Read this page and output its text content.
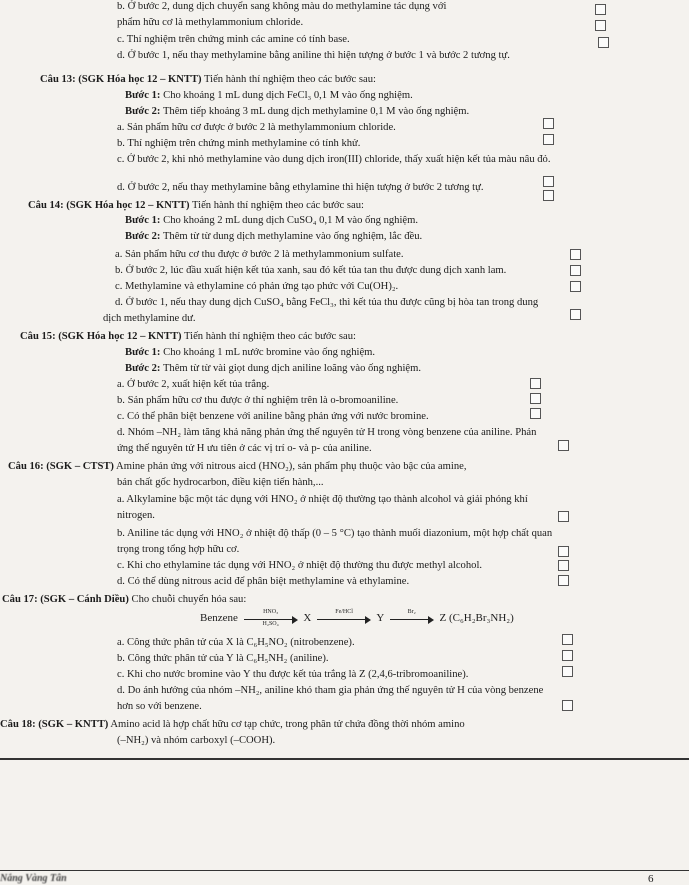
b. Ở bước 2, dung dịch chuyển sang không màu do methylamine tác dụng với
phẩm hữu cơ là methylammonium chloride.
c. Thí nghiệm trên chứng minh các amine có tính base.
d. Ở bước 1, nếu thay methylamine bằng aniline thì hiện tượng ở bước 1 và bước 2 tương tự.
Câu 13: (SGK Hóa học 12 – KNTT) Tiến hành thí nghiệm theo các bước sau:
Bước 1: Cho khoảng 1 mL dung dịch FeCl₃ 0,1 M vào ống nghiệm.
Bước 2: Thêm tiếp khoảng 3 mL dung dịch methylamine 0,1 M vào ống nghiệm.
a. Sản phẩm hữu cơ được ở bước 2 là methylammonium chloride.
b. Thí nghiệm trên chứng minh methylamine có tính khử.
c. Ở bước 2, khi nhỏ methylamine vào dung dịch iron(III) chloride, thấy xuất hiện kết tủa màu nâu đỏ.
d. Ở bước 2, nếu thay methylamine bằng ethylamine thì hiện tượng ở bước 2 tương tự.
Câu 14: (SGK Hóa học 12 – KNTT) Tiến hành thí nghiệm theo các bước sau:
Bước 1: Cho khoảng 2 mL dung dịch CuSO₄ 0,1 M vào ống nghiệm.
Bước 2: Thêm từ từ dung dịch methylamine vào ống nghiệm, lắc đều.
a. Sản phẩm hữu cơ thu được ở bước 2 là methylammonium sulfate.
b. Ở bước 2, lúc đầu xuất hiện kết tủa xanh, sau đó kết tủa tan thu được dung dịch xanh lam.
c. Methylamine và ethylamine có phản ứng tạo phức với Cu(OH)₂.
d. Ở bước 1, nếu thay dung dịch CuSO₄ bằng FeCl₃, thì kết tủa thu được cũng bị hòa tan trong dung
dịch methylamine dư.
Câu 15: (SGK Hóa học 12 – KNTT) Tiến hành thí nghiệm theo các bước sau:
Bước 1: Cho khoảng 1 mL nước bromine vào ống nghiệm.
Bước 2: Thêm từ từ vài giọt dung dịch aniline loãng vào ống nghiệm.
a. Ở bước 2, xuất hiện kết tủa trắng.
b. Sản phẩm hữu cơ thu được ở thí nghiệm trên là o-bromoaniline.
c. Có thể phân biệt benzene với aniline bằng phản ứng với nước bromine.
d. Nhóm –NH₂ làm tăng khả năng phản ứng thế nguyên tử H trong vòng benzene của aniline. Phản
ứng thế nguyên tử H ưu tiên ở các vị trí o- và p- của aniline.
Câu 16: (SGK – CTST) Amine phản ứng với nitrous aicd (HNO₂), sản phẩm phụ thuộc vào bậc của amine,
bản chất gốc hydrocarbon, điều kiện tiến hành,...
a. Alkylamine bậc một tác dụng với HNO₂ ở nhiệt độ thường tạo thành alcohol và giải phóng khí
nitrogen.
b. Aniline tác dụng với HNO₂ ở nhiệt độ thấp (0 – 5 °C) tạo thành muối diazonium, một hợp chất quan
trọng trong tổng hợp hữu cơ.
c. Khi cho ethylamine tác dụng với HNO₂ ở nhiệt độ thường thu được methyl alcohol.
d. Có thể dùng nitrous acid để phân biệt methylamine và ethylamine.
Câu 17: (SGK – Cánh Diều) Cho chuỗi chuyển hóa sau:
Benzene	HNO₃
H₂SO₄
X	Fe/HCl	Y	Br₂	Z (C₆H₂Br₃NH₂)
a. Công thức phân tử của X là C₆H₅NO₂ (nitrobenzene).
b. Công thức phân tử của Y là C₆H₅NH₂ (aniline).
c. Khi cho nước bromine vào Y thu được kết tủa trắng là Z (2,4,6-tribromoaniline).
d. Do ảnh hưởng của nhóm –NH₂, aniline khó tham gia phản ứng thế nguyên tử H của vòng benzene
hơn so với benzene.
Câu 18: (SGK – KNTT) Amino acid là hợp chất hữu cơ tạp chức, trong phân tử chứa đồng thời nhóm amino
(–NH₂) và nhóm carboxyl (–COOH).
Nắng Vàng Tân	6
